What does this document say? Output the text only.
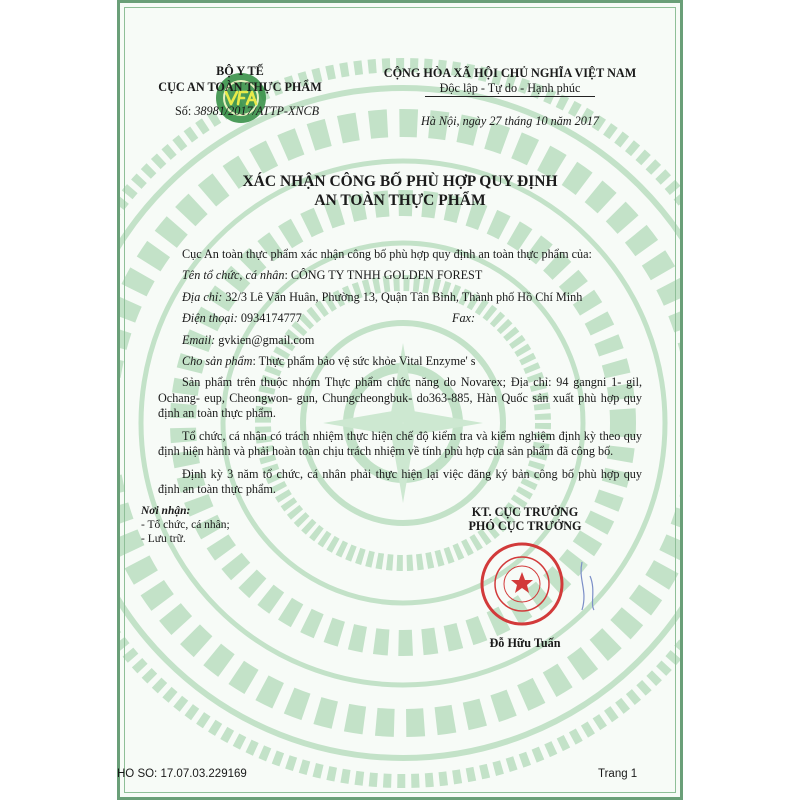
BỘ Y TẾ
CỤC AN TOÀN THỰC PHẨM
Số: 38981/2017/ATTP-XNCB
CỘNG HÒA XÃ HỘI CHỦ NGHĨA VIỆT NAM
Độc lập - Tự do - Hạnh phúc
Hà Nội, ngày 27 tháng 10 năm 2017
XÁC NHẬN CÔNG BỐ PHÙ HỢP QUY ĐỊNH
AN TOÀN THỰC PHẨM
Cục An toàn thực phẩm xác nhận công bố phù hợp quy định an toàn thực phẩm của:
Tên tổ chức, cá nhân: CÔNG TY TNHH GOLDEN FOREST
Địa chỉ: 32/3 Lê Văn Huân, Phường 13, Quận Tân Bình, Thành phố Hồ Chí Minh
Điện thoại: 0934174777	Fax:
Email: gvkien@gmail.com
Cho sản phẩm: Thực phẩm bảo vệ sức khỏe Vital Enzyme' s

Sản phẩm trên thuộc nhóm Thực phẩm chức năng do Novarex; Địa chỉ: 94 gangni 1- gil, Ochang- eup, Cheongwon- gun, Chungcheongbuk- do363-885, Hàn Quốc sản xuất phù hợp quy định an toàn thực phẩm.

Tổ chức, cá nhân có trách nhiệm thực hiện chế độ kiểm tra và kiểm nghiệm định kỳ theo quy định hiện hành và phải hoàn toàn chịu trách nhiệm về tính phù hợp của sản phẩm đã công bố.

Định kỳ 3 năm tổ chức, cá nhân phải thực hiện lại việc đăng ký bản công bố phù hợp quy định an toàn thực phẩm.

Nơi nhận:
- Tổ chức, cá nhân;
- Lưu trữ.
KT. CỤC TRƯỞNG
PHÓ CỤC TRƯỞNG
Đỗ Hữu Tuấn
HO SO: 17.07.03.229169	Trang 1
